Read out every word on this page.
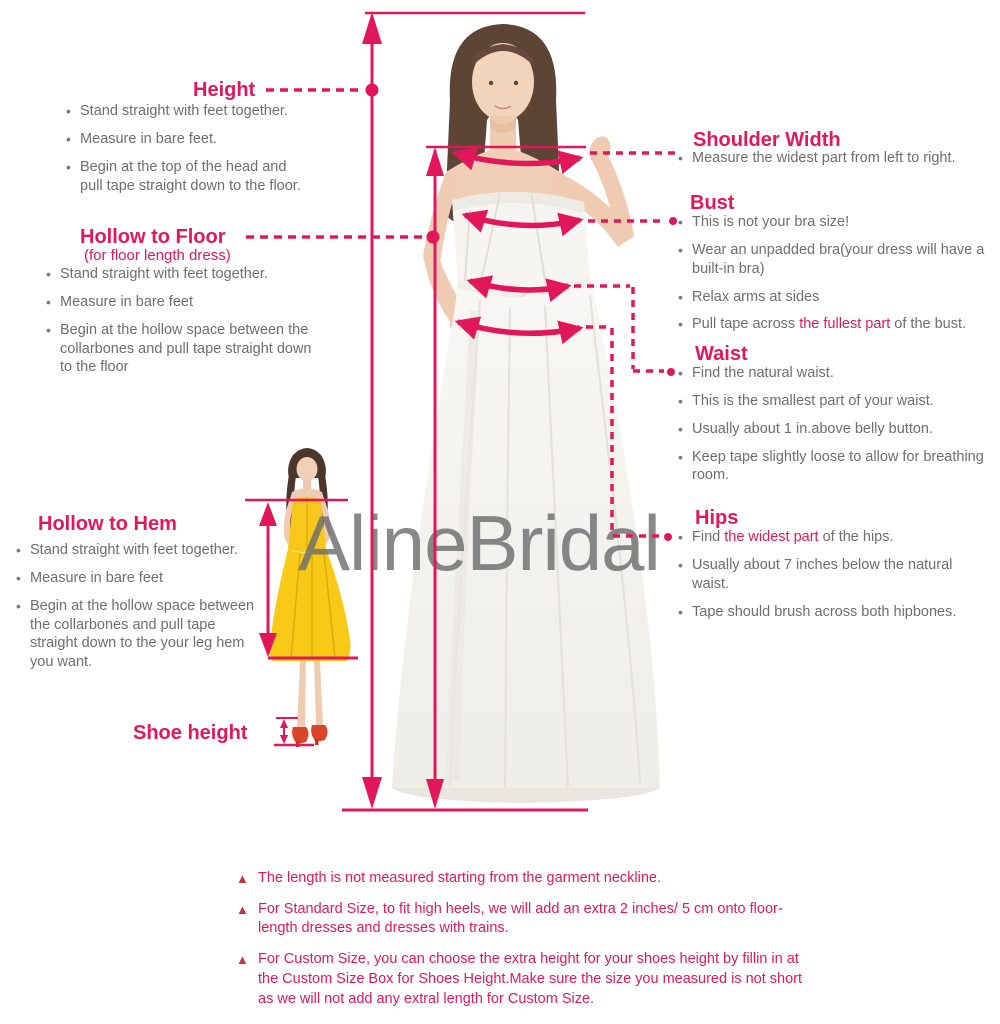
AlineBridal
Height
• Stand straight with feet together.
• Measure in bare feet.
• Begin at the top of the head and pull tape straight down to the floor.
Hollow to Floor
(for floor length dress)
• Stand straight with feet together.
• Measure in bare feet
• Begin at the hollow space between the collarbones and pull tape straight down to the floor
Hollow to Hem
• Stand straight with feet together.
• Measure in bare feet
• Begin at the hollow space between the collarbones and pull tape straight down to the your leg hem you want.
Shoe height
Shoulder Width
• Measure the widest part from left to right.
Bust
• This is not your bra size!
• Wear an unpadded bra(your dress will have a built-in bra)
• Relax arms at sides
• Pull tape across the fullest part of the bust.
Waist
• Find the natural waist.
• This is the smallest part of your waist.
• Usually about 1 in.above belly button.
• Keep tape slightly loose to allow for breathing room.
Hips
• Find the widest part of the hips.
• Usually about 7 inches below the natural waist.
• Tape should brush across both hipbones.
▲ The length is not measured starting from the garment neckline.
▲ For Standard Size, to fit high heels, we will add an extra 2 inches/ 5 cm onto floor-length dresses and dresses with trains.
▲ For Custom Size, you can choose the extra height for your shoes height by fillin in at the Custom Size Box for Shoes Height.Make sure the size you measured is not short as we will not add any extral length for Custom Size.
